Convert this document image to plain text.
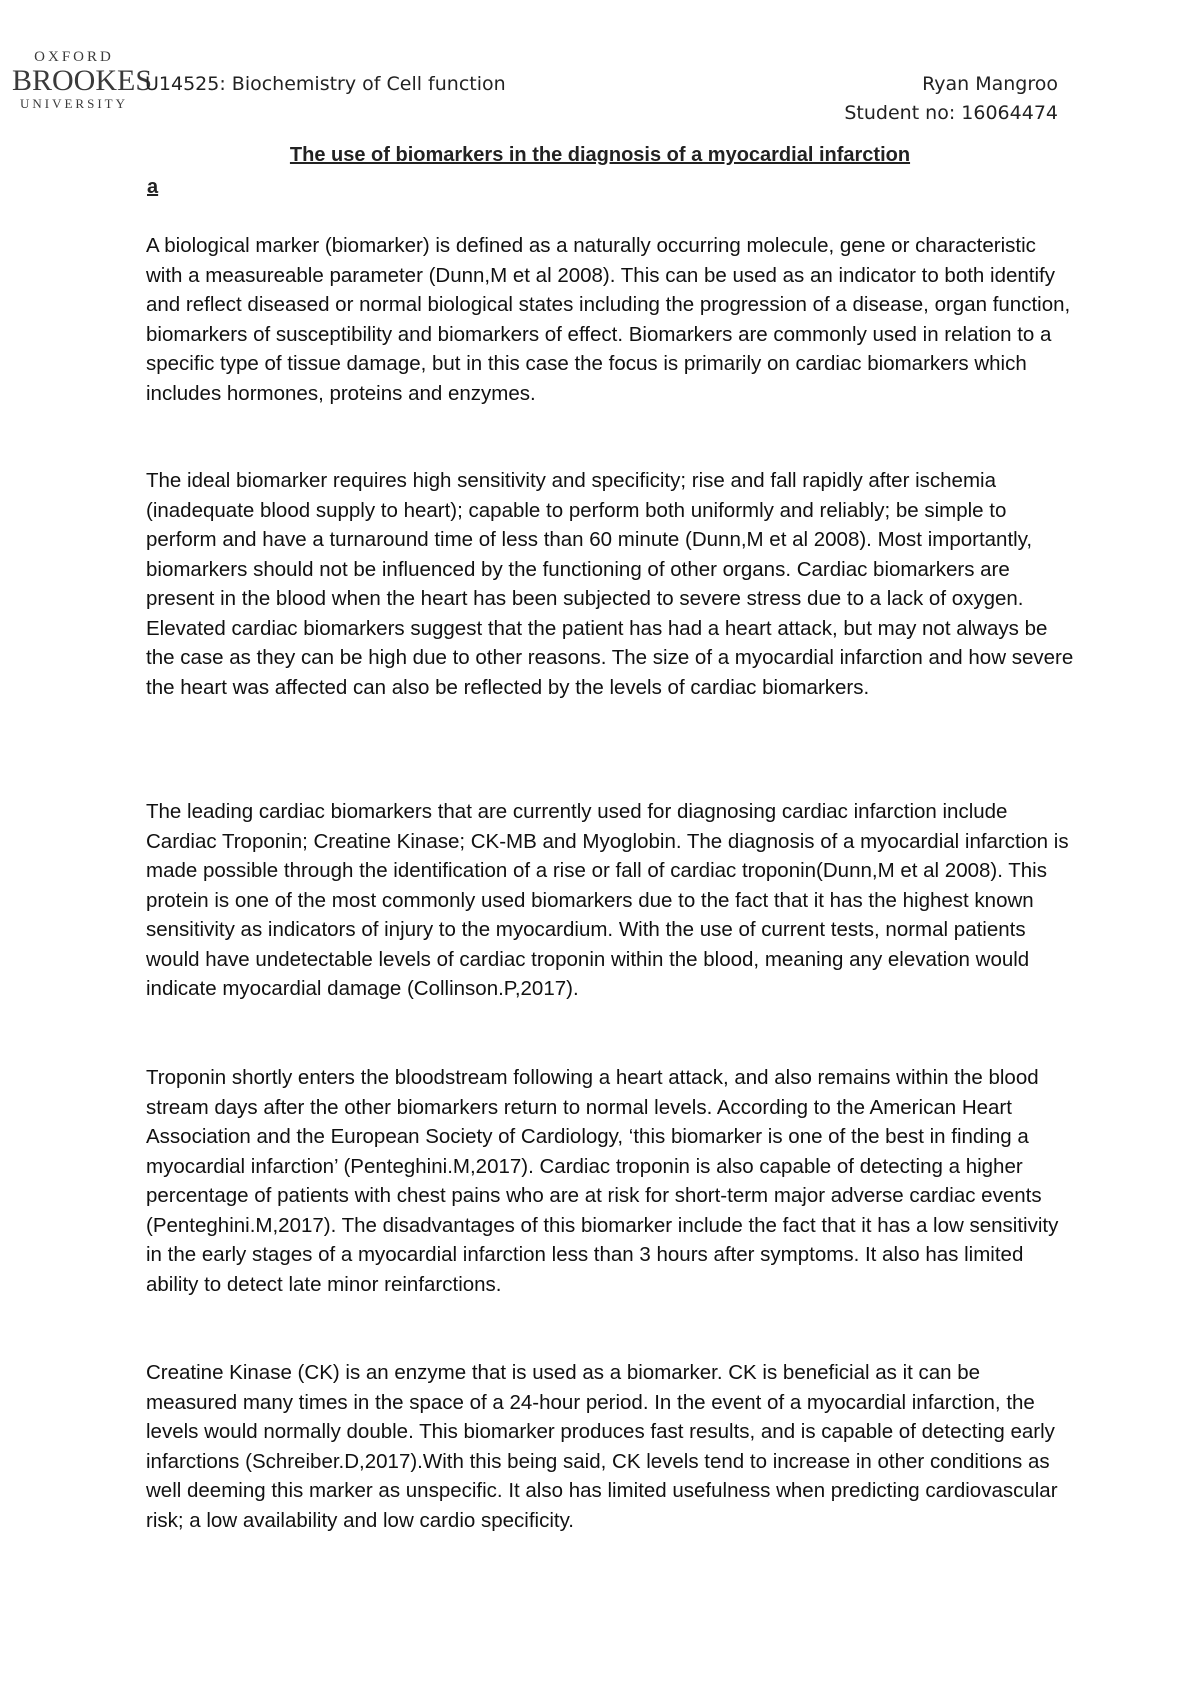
OXFORD
BROOKES
UNIVERSITY
U14525: Biochemistry of Cell function	Ryan Mangroo
Student no: 16064474
The use of biomarkers in the diagnosis of a myocardial infarction
a

A biological marker (biomarker) is defined as a naturally occurring molecule, gene or characteristic with a measureable parameter (Dunn,M et al 2008). This can be used as an indicator to both identify and reflect diseased or normal biological states including the progression of a disease, organ function, biomarkers of susceptibility and biomarkers of effect. Biomarkers are commonly used in relation to a specific type of tissue damage, but in this case the focus is primarily on cardiac biomarkers which includes hormones, proteins and enzymes.

The ideal biomarker requires high sensitivity and specificity; rise and fall rapidly after ischemia (inadequate blood supply to heart); capable to perform both uniformly and reliably; be simple to perform and have a turnaround time of less than 60 minute (Dunn,M et al 2008). Most importantly, biomarkers should not be influenced by the functioning of other organs. Cardiac biomarkers are present in the blood when the heart has been subjected to severe stress due to a lack of oxygen. Elevated cardiac biomarkers suggest that the patient has had a heart attack, but may not always be the case as they can be high due to other reasons. The size of a myocardial infarction and how severe the heart was affected can also be reflected by the levels of cardiac biomarkers.

The leading cardiac biomarkers that are currently used for diagnosing cardiac infarction include Cardiac Troponin; Creatine Kinase; CK-MB and Myoglobin. The diagnosis of a myocardial infarction is made possible through the identification of a rise or fall of cardiac troponin(Dunn,M et al 2008). This protein is one of the most commonly used biomarkers due to the fact that it has the highest known sensitivity as indicators of injury to the myocardium. With the use of current tests, normal patients would have undetectable levels of cardiac troponin within the blood, meaning any elevation would indicate myocardial damage (Collinson.P,2017).

Troponin shortly enters the bloodstream following a heart attack, and also remains within the blood stream days after the other biomarkers return to normal levels. According to the American Heart Association and the European Society of Cardiology, ‘this biomarker is one of the best in finding a myocardial infarction’ (Penteghini.M,2017). Cardiac troponin is also capable of detecting a higher percentage of patients with chest pains who are at risk for short-term major adverse cardiac events (Penteghini.M,2017). The disadvantages of this biomarker include the fact that it has a low sensitivity in the early stages of a myocardial infarction less than 3 hours after symptoms. It also has limited ability to detect late minor reinfarctions.

Creatine Kinase (CK) is an enzyme that is used as a biomarker. CK is beneficial as it can be measured many times in the space of a 24-hour period. In the event of a myocardial infarction, the levels would normally double. This biomarker produces fast results, and is capable of detecting early infarctions (Schreiber.D,2017).With this being said, CK levels tend to increase in other conditions as well deeming this marker as unspecific. It also has limited usefulness when predicting cardiovascular risk; a low availability and low cardio specificity.
